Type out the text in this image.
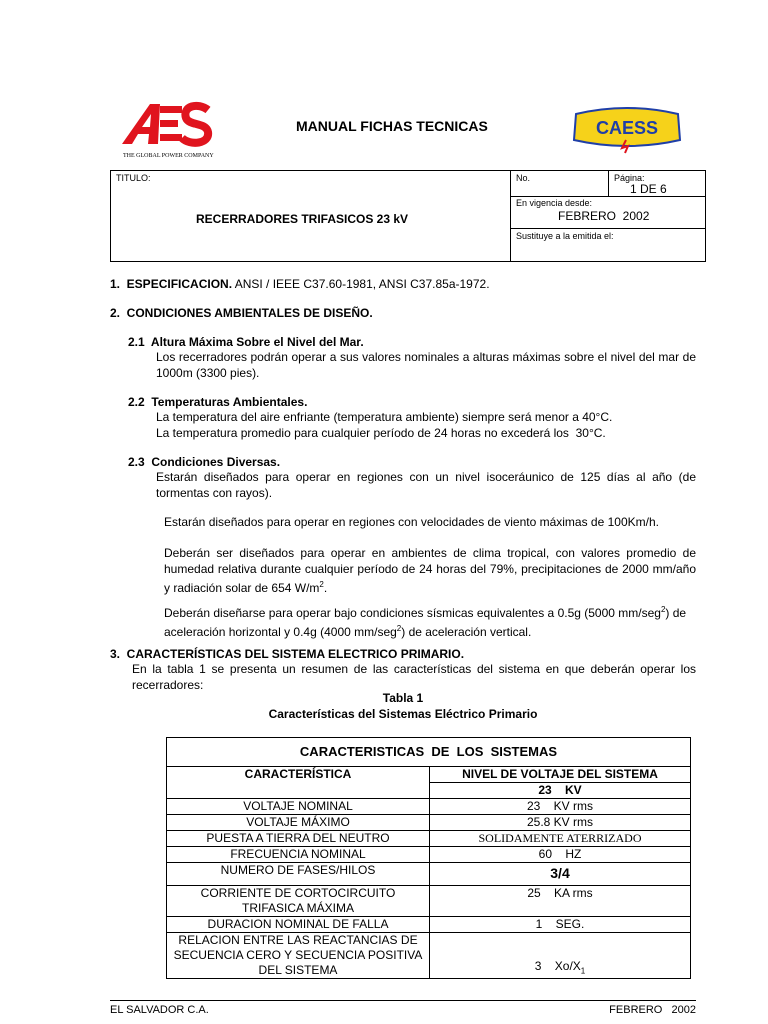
THE GLOBAL POWER COMPANY
MANUAL FICHAS TECNICAS	CAESS
TITULO:
RECERRADORES TRIFASICOS 23 kV
No.	Página:
1 DE 6
En vigencia desde:
FEBRERO  2002
Sustituye a la emitida el:
1.  ESPECIFICACION. ANSI / IEEE C37.60-1981, ANSI C37.85a-1972.
2.  CONDICIONES AMBIENTALES DE DISEÑO.
2.1  Altura Máxima Sobre el Nivel del Mar.
Los recerradores podrán operar a sus valores nominales a alturas máximas sobre el nivel del mar de 1000m (3300 pies).
2.2  Temperaturas Ambientales.
La temperatura del aire enfriante (temperatura ambiente) siempre será menor a 40°C.
La temperatura promedio para cualquier período de 24 horas no excederá los  30°C.
2.3  Condiciones Diversas.
Estarán diseñados para operar en regiones con un nivel isoceráunico de 125 días al año (de tormentas con rayos).
Estarán diseñados para operar en regiones con velocidades de viento máximas de 100Km/h.
Deberán ser diseñados para operar en ambientes de clima tropical, con valores promedio de humedad relativa durante cualquier período de 24 horas del 79%, precipitaciones de 2000 mm/año y radiación solar de 654 $W/m^2$.
Deberán diseñarse para operar bajo condiciones sísmicas equivalentes a 0.5g (5000 mm/seg$^2$) de aceleración horizontal y 0.4g (4000 mm/seg$^2$) de aceleración vertical.
3.  CARACTERÍSTICAS DEL SISTEMA ELECTRICO PRIMARIO.
En la tabla 1 se presenta un resumen de las características del sistema en que deberán operar los recerradores:
Tabla 1
Características del Sistemas Eléctrico Primario
CARACTERISTICAS  DE  LOS  SISTEMAS	
CARACTERÍSTICA	NIVEL DE VOLTAJE DEL SISTEMA
	23    KV
VOLTAJE NOMINAL	23    KV rms
VOLTAJE MÁXIMO	25.8 KV rms
PUESTA A TIERRA DEL NEUTRO	SOLIDAMENTE ATERRIZADO
FRECUENCIA NOMINAL	60    HZ
NUMERO DE FASES/HILOS	3/4
CORRIENTE DE CORTOCIRCUITO TRIFASICA MÁXIMA	25    KA rms
DURACION NOMINAL DE FALLA	1    SEG.
RELACION ENTRE LAS REACTANCIAS DE SECUENCIA CERO Y SECUENCIA POSITIVA DEL SISTEMA	3    $Xo/X_1$
EL SALVADOR C.A.	FEBRERO   2002
